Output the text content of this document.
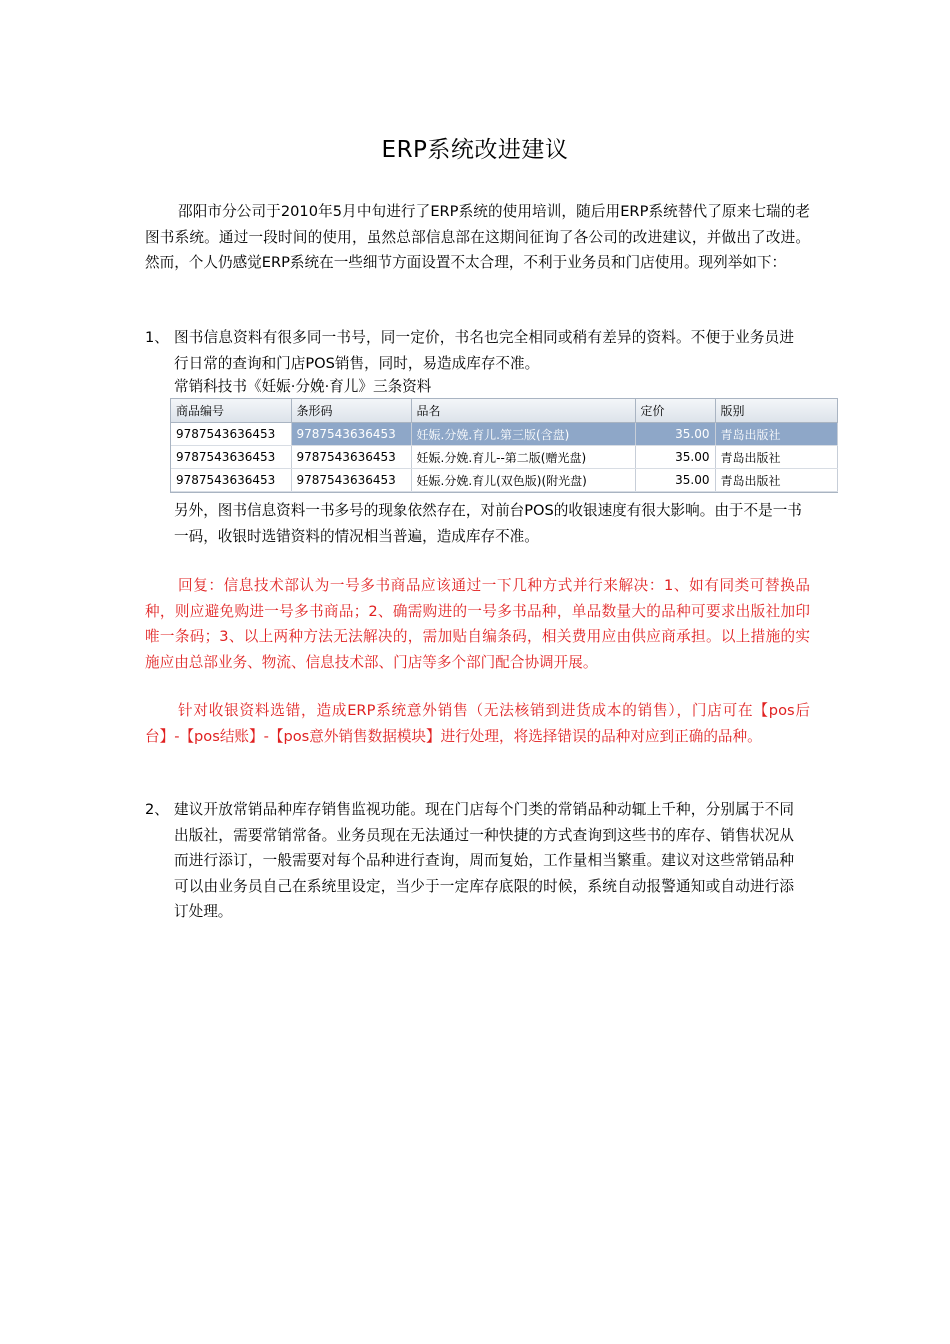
ERP系统改进建议

邵阳市分公司于2010年5月中旬进行了ERP系统的使用培训，随后用ERP系统替代了原来七瑞的老图书系统。通过一段时间的使用，虽然总部信息部在这期间征询了各公司的改进建议，并做出了改进。然而，个人仍感觉ERP系统在一些细节方面设置不太合理，不利于业务员和门店使用。现列举如下：

1、 图书信息资料有很多同一书号，同一定价，书名也完全相同或稍有差异的资料。不便于业务员进行日常的查询和门店POS销售，同时，易造成库存不准。
常销科技书《妊娠·分娩·育儿》三条资料
商品编号	条形码	品名	定价	版别
9787543636453	9787543636453	妊娠.分娩.育儿.第三版(含盘)	35.00	青岛出版社
9787543636453	9787543636453	妊娠.分娩.育儿--第二版(赠光盘)	35.00	青岛出版社
9787543636453	9787543636453	妊娠.分娩.育儿(双色版)(附光盘)	35.00	青岛出版社
另外，图书信息资料一书多号的现象依然存在，对前台POS的收银速度有很大影响。由于不是一书一码，收银时选错资料的情况相当普遍，造成库存不准。

回复：信息技术部认为一号多书商品应该通过一下几种方式并行来解决：1、如有同类可替换品种，则应避免购进一号多书商品；2、确需购进的一号多书品种，单品数量大的品种可要求出版社加印唯一条码；3、以上两种方法无法解决的，需加贴自编条码，相关费用应由供应商承担。以上措施的实施应由总部业务、物流、信息技术部、门店等多个部门配合协调开展。

针对收银资料选错，造成ERP系统意外销售（无法核销到进货成本的销售），门店可在【pos后台】-【pos结账】-【pos意外销售数据模块】进行处理，将选择错误的品种对应到正确的品种。

2、 建议开放常销品种库存销售监视功能。现在门店每个门类的常销品种动辄上千种，分别属于不同出版社，需要常销常备。业务员现在无法通过一种快捷的方式查询到这些书的库存、销售状况从而进行添订，一般需要对每个品种进行查询，周而复始，工作量相当繁重。建议对这些常销品种可以由业务员自己在系统里设定，当少于一定库存底限的时候，系统自动报警通知或自动进行添订处理。
